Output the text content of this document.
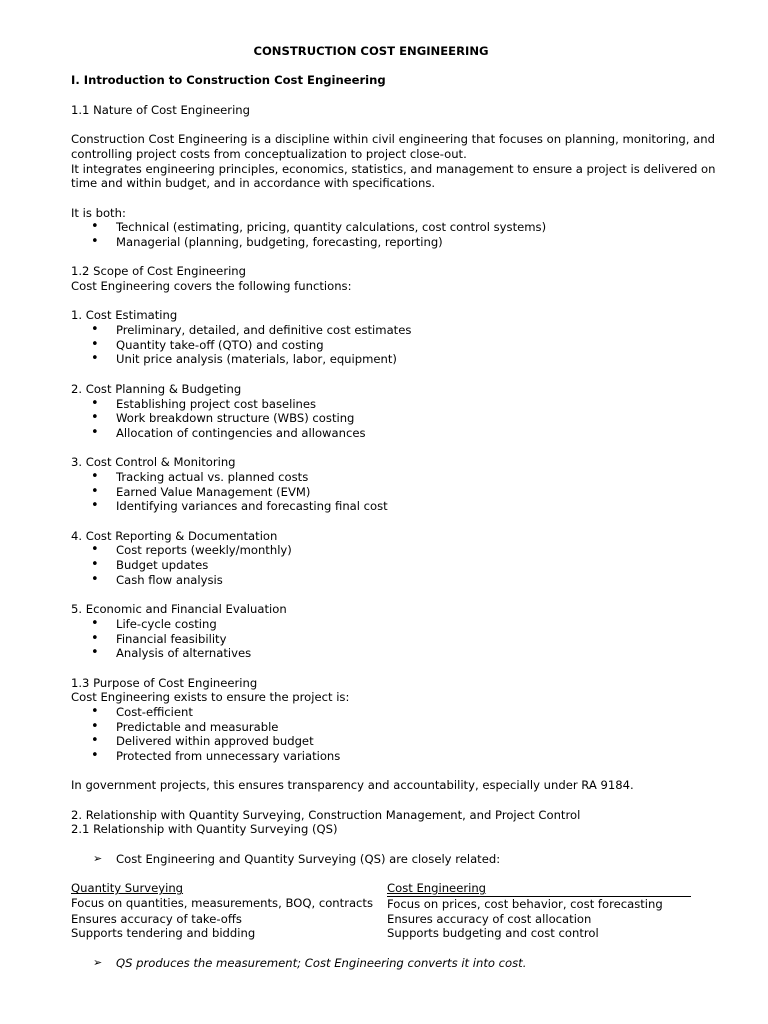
CONSTRUCTION COST ENGINEERING
I. Introduction to Construction Cost Engineering
1.1 Nature of Cost Engineering
Construction Cost Engineering is a discipline within civil engineering that focuses on planning, monitoring, and
controlling project costs from conceptualization to project close-out.
It integrates engineering principles, economics, statistics, and management to ensure a project is delivered on
time and within budget, and in accordance with specifications.
It is both:
• Technical (estimating, pricing, quantity calculations, cost control systems)
• Managerial (planning, budgeting, forecasting, reporting)
1.2 Scope of Cost Engineering
Cost Engineering covers the following functions:
1. Cost Estimating
• Preliminary, detailed, and definitive cost estimates
• Quantity take-off (QTO) and costing
• Unit price analysis (materials, labor, equipment)
2. Cost Planning & Budgeting
• Establishing project cost baselines
• Work breakdown structure (WBS) costing
• Allocation of contingencies and allowances
3. Cost Control & Monitoring
• Tracking actual vs. planned costs
• Earned Value Management (EVM)
• Identifying variances and forecasting final cost
4. Cost Reporting & Documentation
• Cost reports (weekly/monthly)
• Budget updates
• Cash flow analysis
5. Economic and Financial Evaluation
• Life-cycle costing
• Financial feasibility
• Analysis of alternatives
1.3 Purpose of Cost Engineering
Cost Engineering exists to ensure the project is:
• Cost-efficient
• Predictable and measurable
• Delivered within approved budget
• Protected from unnecessary variations
In government projects, this ensures transparency and accountability, especially under RA 9184.
2. Relationship with Quantity Surveying, Construction Management, and Project Control
2.1 Relationship with Quantity Surveying (QS)
➢ Cost Engineering and Quantity Surveying (QS) are closely related:
Quantity Surveying	Cost Engineering
Focus on quantities, measurements, BOQ, contracts	Focus on prices, cost behavior, cost forecasting
Ensures accuracy of take-offs	Ensures accuracy of cost allocation
Supports tendering and bidding	Supports budgeting and cost control
➢ QS produces the measurement; Cost Engineering converts it into cost.
